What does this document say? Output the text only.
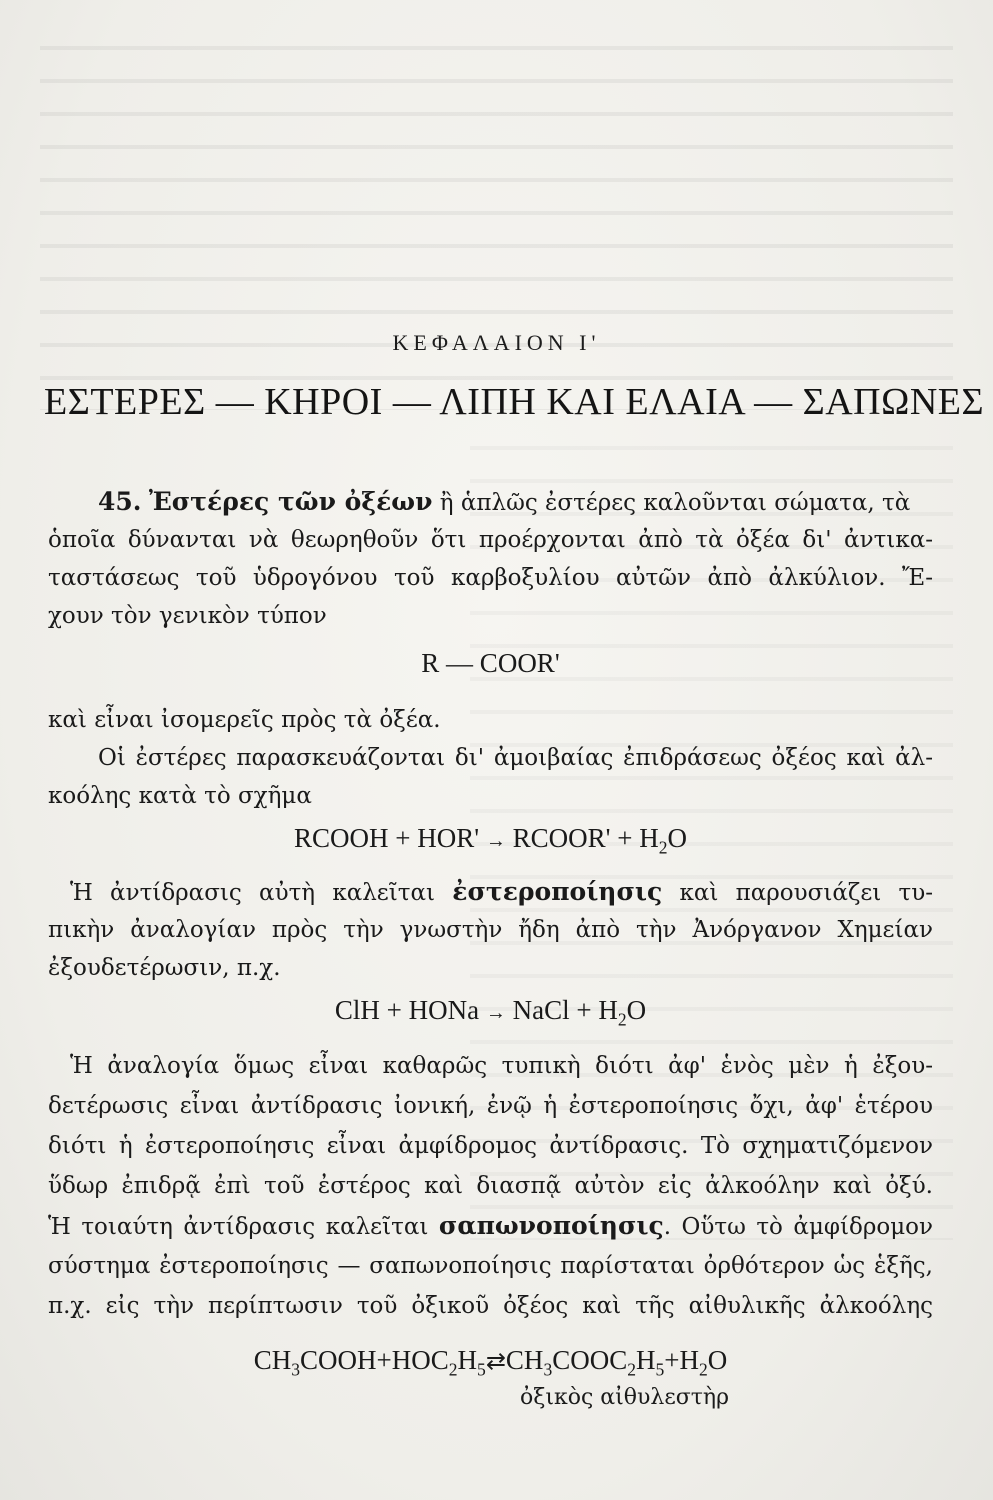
ΚΕΦΑΛΑΙΟΝ Ι'
ΕΣΤΕΡΕΣ — ΚΗΡΟΙ — ΛΙΠΗ ΚΑΙ ΕΛΑΙΑ — ΣΑΠΩΝΕΣ
45. Ἐστέρες τῶν ὀξέων ἢ ἁπλῶς ἐστέρες καλοῦνται σώματα, τὰ
ὁποῖα δύνανται νὰ θεωρηθοῦν ὅτι προέρχονται ἀπὸ τὰ ὀξέα δι' ἀντικα-
ταστάσεως τοῦ ὑδρογόνου τοῦ καρβοξυλίου αὐτῶν ἀπὸ ἀλκύλιον. Ἔ-
χουν τὸν γενικὸν τύπον
R — COOR'
καὶ εἶναι ἰσομερεῖς πρὸς τὰ ὀξέα.
Οἱ ἐστέρες παρασκευάζονται δι' ἀμοιβαίας ἐπιδράσεως ὀξέος καὶ ἀλ-
κοόλης κατὰ τὸ σχῆμα
RCOOH + HOR' → RCOOR' + $H_2O$
Ἡ ἀντίδρασις αὐτὴ καλεῖται ἐστεροποίησις καὶ παρουσιάζει τυ-
πικὴν ἀναλογίαν πρὸς τὴν γνωστὴν ἤδη ἀπὸ τὴν Ἀνόργανον Χημείαν
ἐξουδετέρωσιν, π.χ.
ClH + HONa → NaCl + $H_2O$
Ἡ ἀναλογία ὅμως εἶναι καθαρῶς τυπικὴ διότι ἀφ' ἑνὸς μὲν ἡ ἐξου-
δετέρωσις εἶναι ἀντίδρασις ἰονική, ἐνῷ ἡ ἐστεροποίησις ὄχι, ἀφ' ἑτέρου
διότι ἡ ἐστεροποίησις εἶναι ἀμφίδρομος ἀντίδρασις. Τὸ σχηματιζόμενον
ὕδωρ ἐπιδρᾷ ἐπὶ τοῦ ἐστέρος καὶ διασπᾷ αὐτὸν εἰς ἀλκοόλην καὶ ὀξύ.
Ἡ τοιαύτη ἀντίδρασις καλεῖται σαπωνοποίησις. Οὕτω τὸ ἀμφίδρομον
σύστημα ἐστεροποίησις — σαπωνοποίησις παρίσταται ὀρθότερον ὡς ἑξῆς,
π.χ. εἰς τὴν περίπτωσιν τοῦ ὀξικοῦ ὀξέος καὶ τῆς αἰθυλικῆς ἀλκοόλης
$CH_3COOH+HOC_2H_5⇄CH_3COOC_2H_5+H_2O$
ὀξικὸς αἰθυλεστὴρ
